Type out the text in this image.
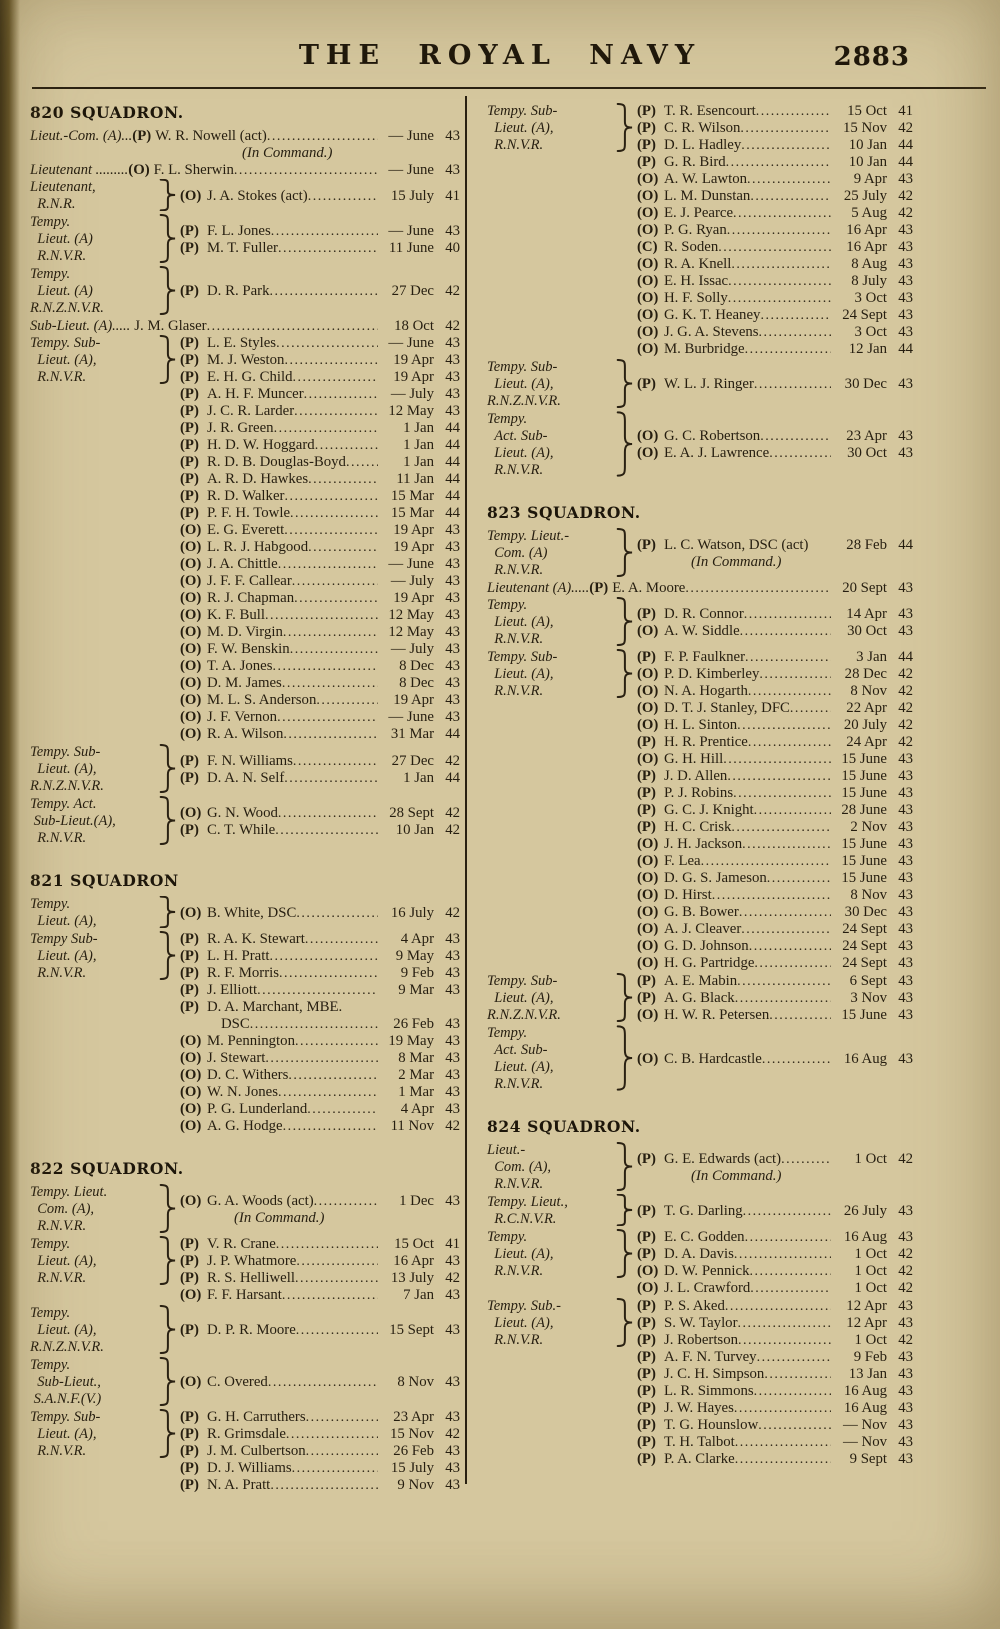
THE ROYAL NAVY	2883
820 SQUADRON.
Lieut.-Com. (A)... (P) W. R. Nowell (act) .....	— June 43
(In Command.)
Lieutenant ......... (O) F. L. Sherwin .....	— June 43
Lieutenant,
R.N.R.
(O) J. A. Stokes (act) .....	15 July 41
Tempy.
Lieut. (A)
R.N.V.R.
(P) F. L. Jones .....	— June 43
(P) M. T. Fuller .....	11 June 40
Tempy.
Lieut. (A)
R.N.Z.N.V.R.
(P) D. R. Park .....	27 Dec 42
Sub-Lieut. (A)..... J. M. Glaser .....	18 Oct 42
Tempy. Sub-
Lieut. (A),
R.N.V.R.
(P) L. E. Styles .....	— June 43
(P) M. J. Weston .....	19 Apr 43
(P) E. H. G. Child .....	19 Apr 43
(P) A. H. F. Muncer .....	— July 43
(P) J. C. R. Larder .....	12 May 43
(P) J. R. Green .....	1 Jan 44
(P) H. D. W. Hoggard .....	1 Jan 44
(P) R. D. B. Douglas-Boyd .....	1 Jan 44
(P) A. R. D. Hawkes .....	11 Jan 44
(P) R. D. Walker .....	15 Mar 44
(P) P. F. H. Towle .....	15 Mar 44
(O) E. G. Everett .....	19 Apr 43
(O) L. R. J. Habgood .....	19 Apr 43
(O) J. A. Chittle .....	— June 43
(O) J. F. F. Callear .....	— July 43
(O) R. J. Chapman .....	19 Apr 43
(O) K. F. Bull .....	12 May 43
(O) M. D. Virgin .....	12 May 43
(O) F. W. Benskin .....	— July 43
(O) T. A. Jones .....	8 Dec 43
(O) D. M. James .....	8 Dec 43
(O) M. L. S. Anderson .....	19 Apr 43
(O) J. F. Vernon .....	— June 43
(O) R. A. Wilson .....	31 Mar 44
Tempy. Sub-
Lieut. (A),
R.N.Z.N.V.R.
(P) F. N. Williams .....	27 Dec 42
(P) D. A. N. Self .....	1 Jan 44
Tempy. Act.
Sub-Lieut.(A),
R.N.V.R.
(O) G. N. Wood .....	28 Sept 42
(P) C. T. While .....	10 Jan 42
821 SQUADRON
Tempy.
Lieut. (A),
(O) B. White, DSC .....	16 July 42
Tempy Sub-
Lieut. (A),
R.N.V.R.
(P) R. A. K. Stewart .....	4 Apr 43
(P) L. H. Pratt .....	9 May 43
(P) R. F. Morris .....	9 Feb 43
(P) J. Elliott .....	9 Mar 43
(P) D. A. Marchant, MBE.
DSC .....	26 Feb 43
(O) M. Pennington .....	19 May 43
(O) J. Stewart .....	8 Mar 43
(O) D. C. Withers .....	2 Mar 43
(O) W. N. Jones .....	1 Mar 43
(O) P. G. Lunderland .....	4 Apr 43
(O) A. G. Hodge .....	11 Nov 42
822 SQUADRON.
Tempy. Lieut.
Com. (A),
R.N.V.R.
(O) G. A. Woods (act) .....	1 Dec 43
(In Command.)
Tempy.
Lieut. (A),
R.N.V.R.
(P) V. R. Crane .....	15 Oct 41
(P) J. P. Whatmore .....	16 Apr 43
(P) R. S. Helliwell .....	13 July 42
(O) F. F. Harsant .....	7 Jan 43
Tempy.
Lieut. (A),
R.N.Z.N.V.R.
(P) D. P. R. Moore .....	15 Sept 43
Tempy.
Sub-Lieut.,
S.A.N.F.(V.)
(O) C. Overed .....	8 Nov 43
Tempy. Sub-
Lieut. (A),
R.N.V.R.
(P) G. H. Carruthers .....	23 Apr 43
(P) R. Grimsdale .....	15 Nov 42
(P) J. M. Culbertson .....	26 Feb 43
(P) D. J. Williams .....	15 July 43
(P) N. A. Pratt .....	9 Nov 43
Tempy. Sub-
Lieut. (A),
R.N.V.R.
(P) T. R. Esencourt .....	15 Oct 41
(P) C. R. Wilson .....	15 Nov 42
(P) D. L. Hadley .....	10 Jan 44
(P) G. R. Bird .....	10 Jan 44
(O) A. W. Lawton .....	9 Apr 43
(O) L. M. Dunstan .....	25 July 42
(O) E. J. Pearce .....	5 Aug 42
(O) P. G. Ryan .....	16 Apr 43
(C) R. Soden .....	16 Apr 43
(O) R. A. Knell .....	8 Aug 43
(O) E. H. Issac .....	8 July 43
(O) H. F. Solly .....	3 Oct 43
(O) G. K. T. Heaney .....	24 Sept 43
(O) J. G. A. Stevens .....	3 Oct 43
(O) M. Burbridge .....	12 Jan 44
Tempy. Sub-
Lieut. (A),
R.N.Z.N.V.R.
(P) W. L. J. Ringer .....	30 Dec 43
Tempy.
Act. Sub-
Lieut. (A),
R.N.V.R.
(O) G. C. Robertson .....	23 Apr 43
(O) E. A. J. Lawrence .....	30 Oct 43
823 SQUADRON.
Tempy. Lieut.-
Com. (A)
R.N.V.R.
(P) L. C. Watson, DSC (act)	28 Feb 44
(In Command.)
Lieutenant (A)..... (P) E. A. Moore .....	20 Sept 43
Tempy.
Lieut. (A),
R.N.V.R.
(P) D. R. Connor .....	14 Apr 43
(O) A. W. Siddle .....	30 Oct 43
Tempy. Sub-
Lieut. (A),
R.N.V.R.
(P) F. P. Faulkner .....	3 Jan 44
(O) P. D. Kimberley .....	28 Dec 42
(O) N. A. Hogarth .....	8 Nov 42
(O) D. T. J. Stanley, DFC .....	22 Apr 42
(O) H. L. Sinton .....	20 July 42
(P) H. R. Prentice .....	24 Apr 42
(O) G. H. Hill .....	15 June 43
(P) J. D. Allen .....	15 June 43
(P) P. J. Robins .....	15 June 43
(P) G. C. J. Knight .....	28 June 43
(P) H. C. Crisk .....	2 Nov 43
(O) J. H. Jackson .....	15 June 43
(O) F. Lea .....	15 June 43
(O) D. G. S. Jameson .....	15 June 43
(O) D. Hirst .....	8 Nov 43
(O) G. B. Bower .....	30 Dec 43
(O) A. J. Cleaver .....	24 Sept 43
(O) G. D. Johnson .....	24 Sept 43
(O) H. G. Partridge .....	24 Sept 43
Tempy. Sub-
Lieut. (A),
R.N.Z.N.V.R.
(P) A. E. Mabin .....	6 Sept 43
(P) A. G. Black .....	3 Nov 43
(O) H. W. R. Petersen .....	15 June 43
Tempy.
Act. Sub-
Lieut. (A),
R.N.V.R.
(O) C. B. Hardcastle .....	16 Aug 43
824 SQUADRON.
Lieut.-
Com. (A),
R.N.V.R.
(P) G. E. Edwards (act) .....	1 Oct 42
(In Command.)
Tempy. Lieut.,
R.C.N.V.R.
(P) T. G. Darling .....	26 July 43
Tempy.
Lieut. (A),
R.N.V.R.
(P) E. C. Godden .....	16 Aug 43
(P) D. A. Davis .....	1 Oct 42
(O) D. W. Pennick .....	1 Oct 42
(O) J. L. Crawford .....	1 Oct 42
Tempy. Sub.-
Lieut. (A),
R.N.V.R.
(P) P. S. Aked .....	12 Apr 43
(P) S. W. Taylor .....	12 Apr 43
(P) J. Robertson .....	1 Oct 42
(P) A. F. N. Turvey .....	9 Feb 43
(P) J. C. H. Simpson .....	13 Jan 43
(P) L. R. Simmons .....	16 Aug 43
(P) J. W. Hayes .....	16 Aug 43
(P) T. G. Hounslow .....	— Nov 43
(P) T. H. Talbot .....	— Nov 43
(P) P. A. Clarke .....	9 Sept 43
